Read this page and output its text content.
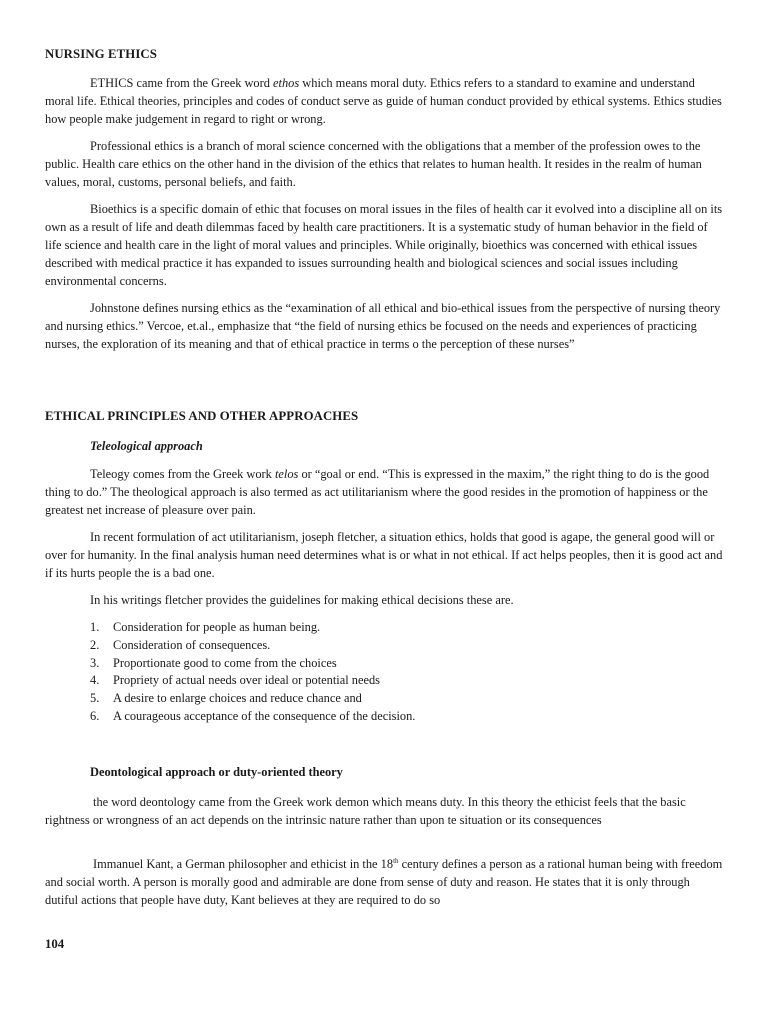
NURSING ETHICS

ETHICS came from the Greek word ethos which means moral duty. Ethics refers to a standard to examine and understand moral life. Ethical theories, principles and codes of conduct serve as guide of human conduct provided by ethical systems. Ethics studies how people make judgement in regard to right or wrong.

Professional ethics is a branch of moral science concerned with the obligations that a member of the profession owes to the public. Health care ethics on the other hand in the division of the ethics that relates to human health. It resides in the realm of human values, moral, customs, personal beliefs, and faith.

Bioethics is a specific domain of ethic that focuses on moral issues in the files of health car it evolved into a discipline all on its own as a result of life and death dilemmas faced by health care practitioners. It is a systematic study of human behavior in the field of life science and health care in the light of moral values and principles. While originally, bioethics was concerned with ethical issues described with medical practice it has expanded to issues surrounding health and biological sciences and social issues including environmental concerns.

Johnstone defines nursing ethics as the “examination of all ethical and bio-ethical issues from the perspective of nursing theory and nursing ethics.” Vercoe, et.al., emphasize that “the field of nursing ethics be focused on the needs and experiences of practicing nurses, the exploration of its meaning and that of ethical practice in terms o the perception of these nurses”

ETHICAL PRINCIPLES AND OTHER APPROACHES

Teleological approach

Teleogy comes from the Greek work telos or “goal or end. “This is expressed in the maxim,” the right thing to do is the good thing to do.” The theological approach is also termed as act utilitarianism where the good resides in the promotion of happiness or the greatest net increase of pleasure over pain.

In recent formulation of act utilitarianism, joseph fletcher, a situation ethics, holds that good is agape, the general good will or over for humanity. In the final analysis human need determines what is or what in not ethical. If act helps peoples, then it is good act and if its hurts people the is a bad one.

In his writings fletcher provides the guidelines for making ethical decisions these are.

1.	Consideration for people as human being.
2.	Consideration of consequences.
3.	Proportionate good to come from the choices
4.	Propriety of actual needs over ideal or potential needs
5.	A desire to enlarge choices and reduce chance and
6.	A courageous acceptance of the consequence of the decision.

Deontological approach or duty-oriented theory

the word deontology came from the Greek work demon which means duty. In this theory the ethicist feels that the basic rightness or wrongness of an act depends on the intrinsic nature rather than upon te situation or its consequences

Immanuel Kant, a German philosopher and ethicist in the 18th century defines a person as a rational human being with freedom and social worth. A person is morally good and admirable are done from sense of duty and reason. He states that it is only through dutiful actions that people have duty, Kant believes at they are required to do so

104
